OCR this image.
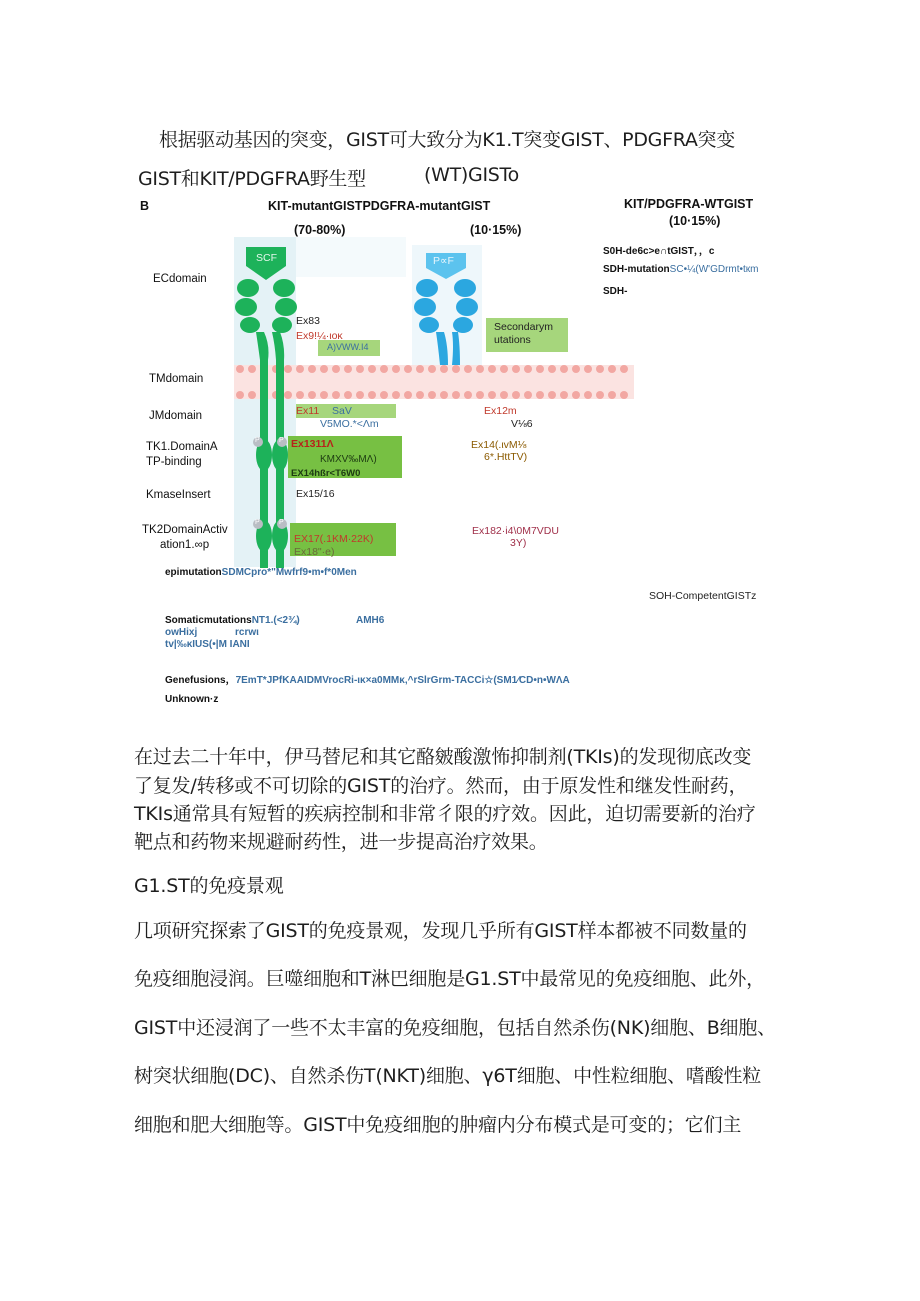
根据驱动基因的突变，GIST可大致分为K1.T突变GIST、PDGFRA突变
GIST和KIT/PDGFRA野生型	(WT)GISTo
B	KIT-mutantGISTPDGFRA-mutantGIST
(70-80%)	(10·15%)
KIT/PDGFRA-WTGIST
(10·15%)
S0H-de6c>e∩tGIST，，c
SDH-mutationSC•¼(W'GDrmt•tкm
SDH-
SCF	P∝F
ECdomain
TMdomain
JMdomain
TK1.DomainA
TP-binding
KmaseInsert
TK2DomainActiv
ation1.∞p
Ex83
Ex9!¼·ιοκ
A)VWW.I4
Ex11 SaV
V5MO.*<Λm
Ex1311Λ
KMXV‰MΛ)
EX14hßr<T6W0
Ex15/16
EX17(.1KM·22K)
Ex18"·e)
Secondarym
utations
Ex12m
V⅛6
Ex14(.ιvM⅛
6*.HttTV)
Ex182·i4\0M7VDU
3Y)
P	P
P	P
epimutationSDMCpro*"Mwfrf9•m•f*0Men
SOH-CompetentGISTz
SomaticmutationsNT1.(<2¾)	AMH6
owHixj	rcrwι
tv|‰κIUS(•|M IANI
Genefusions，7EmT*JPfKAAIDMVrocRi-ικ×a0MMκ,^rSlrGrm-TACCi☆(SM1⁄CD•n•WΛA
Unknown·z
在过去二十年中，伊马替尼和其它酪皴酸激怖抑制剂(TKIs)的发现彻底改变
了复发/转移或不可切除的GIST的治疗。然而，由于原发性和继发性耐药，
TKIs通常具有短暂的疾病控制和非常彳限的疗效。因此，迫切需要新的治疗
靶点和药物来规避耐药性，进一步提高治疗效果。
G1.ST的免疫景观
几项研究探索了GIST的免疫景观，发现几乎所有GIST样本都被不同数量的
免疫细胞浸润。巨噬细胞和T淋巴细胞是G1.ST中最常见的免疫细胞、此外，
GIST中还浸润了一些不太丰富的免疫细胞，包括自然杀伤(NK)细胞、B细胞、
树突状细胞(DC)、自然杀伤T(NKT)细胞、γ6T细胞、中性粒细胞、嗜酸性粒
细胞和肥大细胞等。GIST中免疫细胞的肿瘤内分布模式是可变的；它们主
